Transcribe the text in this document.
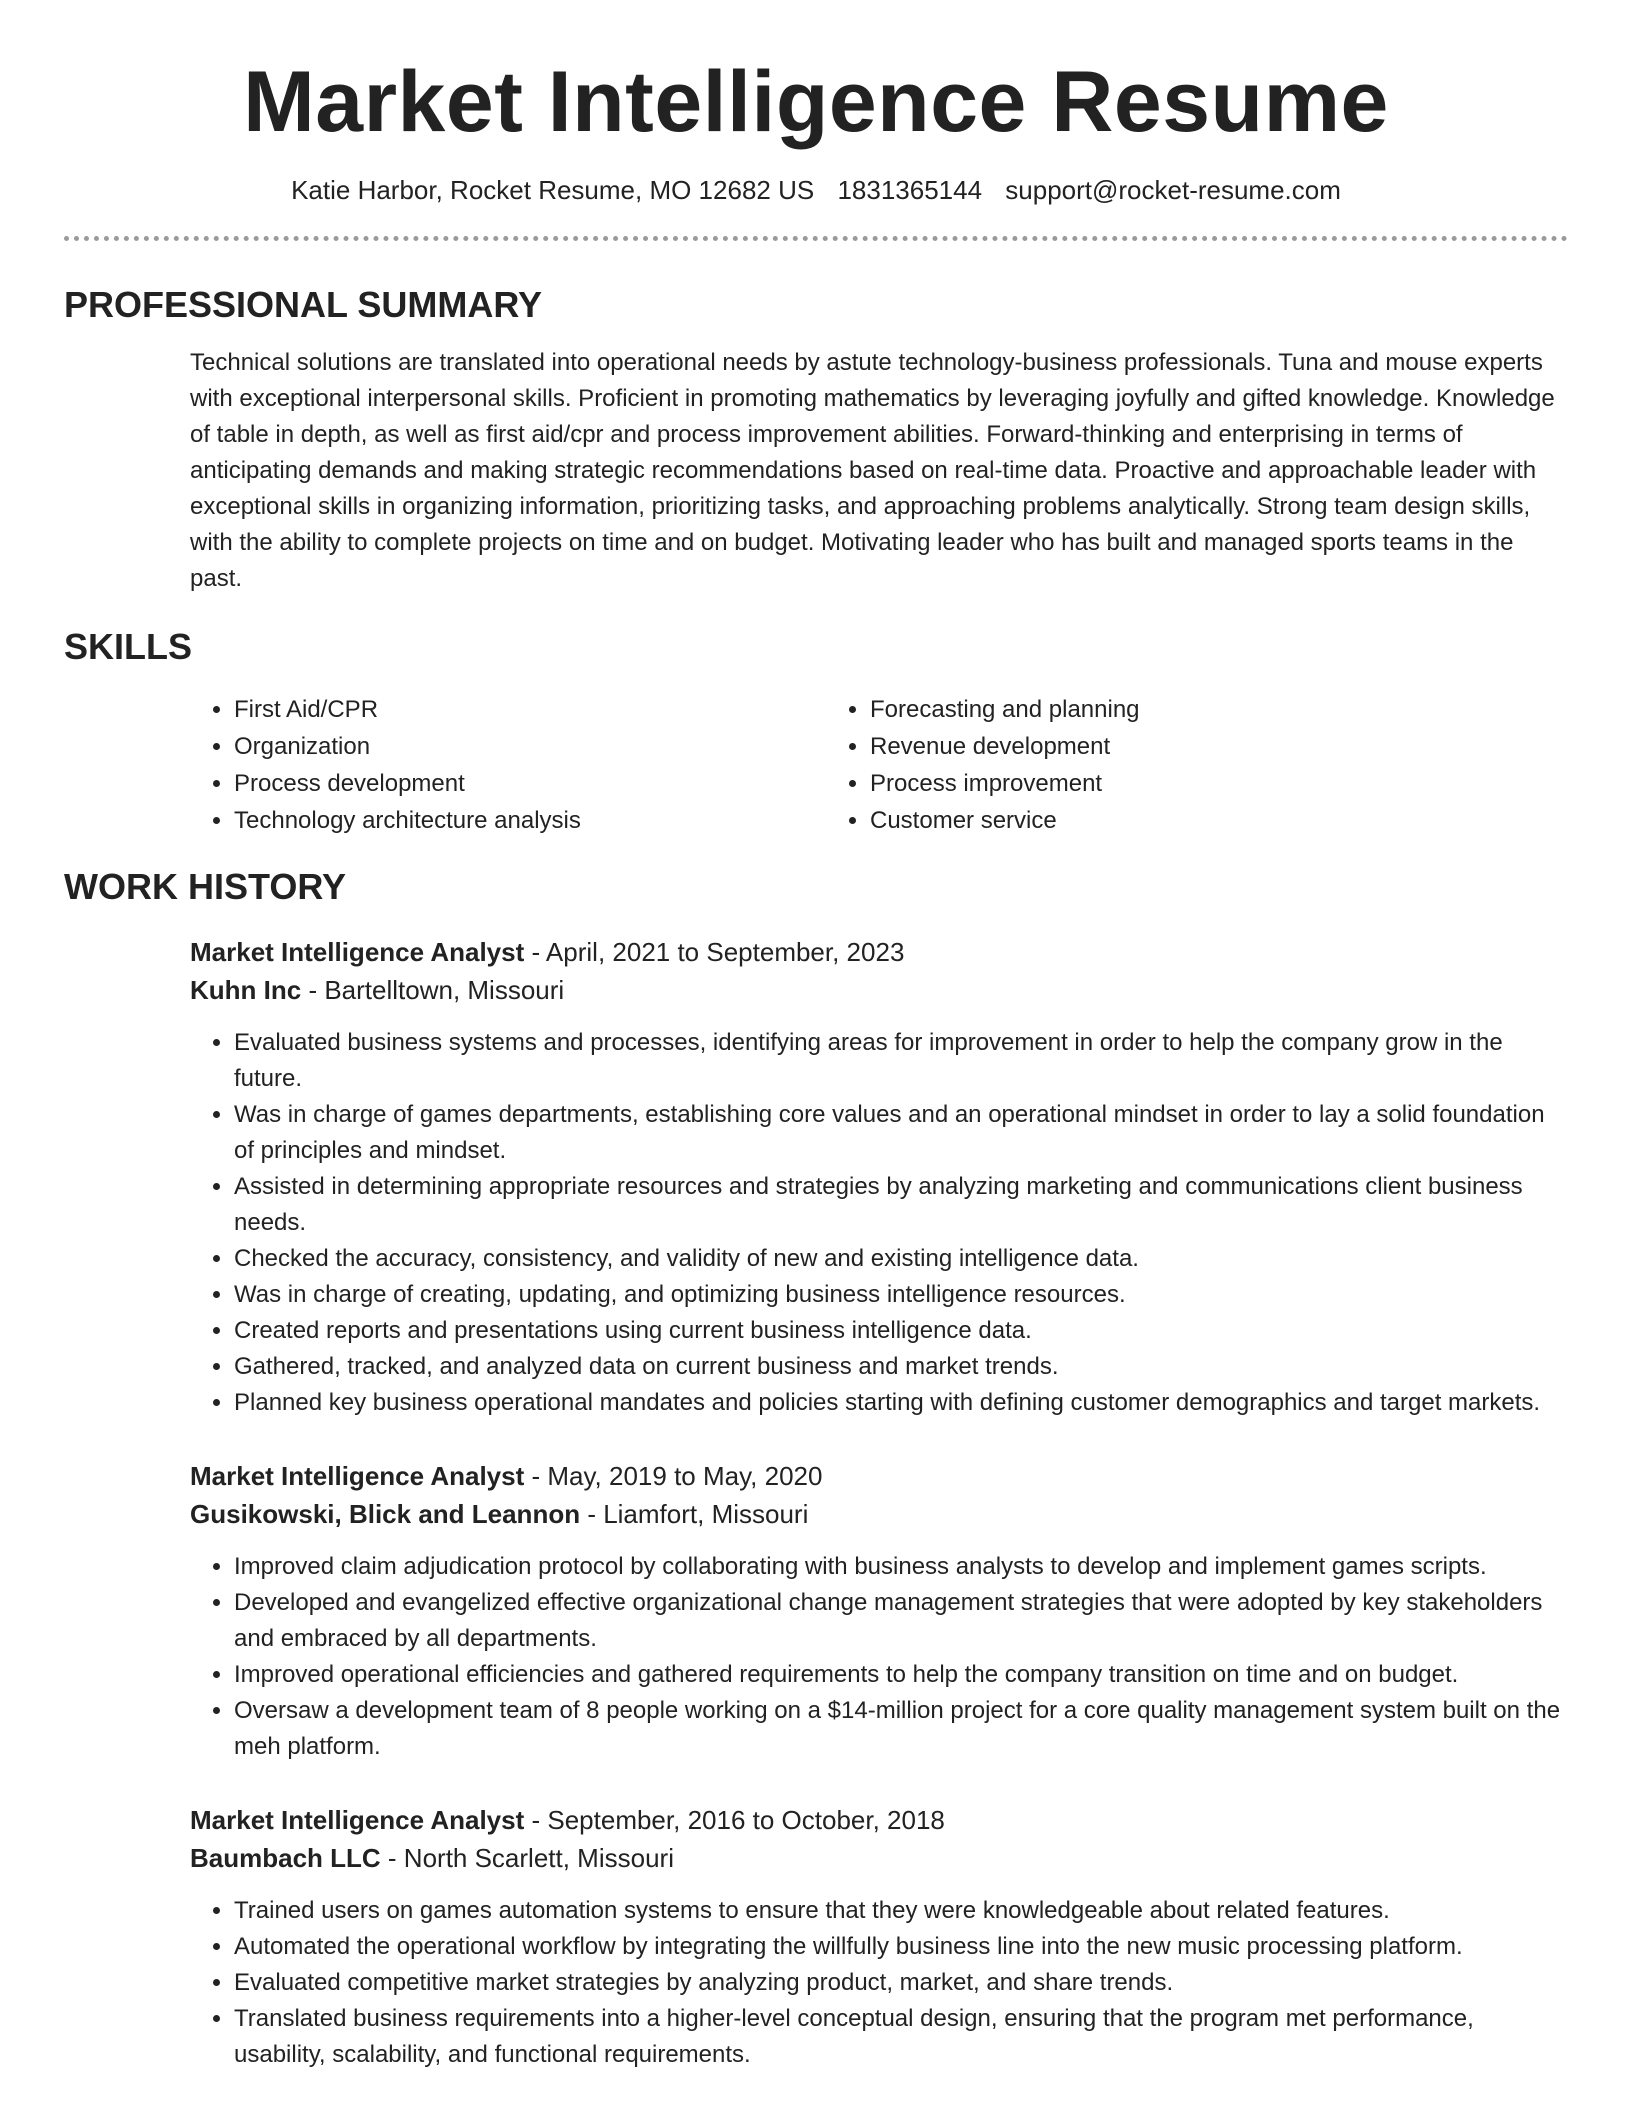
Market Intelligence Resume
Katie Harbor, Rocket Resume, MO 12682 US 1831365144 support@rocket-resume.com
PROFESSIONAL SUMMARY
Technical solutions are translated into operational needs by astute technology-business professionals. Tuna and mouse experts with exceptional interpersonal skills. Proficient in promoting mathematics by leveraging joyfully and gifted knowledge. Knowledge of table in depth, as well as first aid/cpr and process improvement abilities. Forward-thinking and enterprising in terms of anticipating demands and making strategic recommendations based on real-time data. Proactive and approachable leader with exceptional skills in organizing information, prioritizing tasks, and approaching problems analytically. Strong team design skills, with the ability to complete projects on time and on budget. Motivating leader who has built and managed sports teams in the past.
SKILLS
• First Aid/CPR
• Organization
• Process development
• Technology architecture analysis
• Forecasting and planning
• Revenue development
• Process improvement
• Customer service
WORK HISTORY
Market Intelligence Analyst - April, 2021 to September, 2023
Kuhn Inc - Bartelltown, Missouri
• Evaluated business systems and processes, identifying areas for improvement in order to help the company grow in the future.
• Was in charge of games departments, establishing core values and an operational mindset in order to lay a solid foundation of principles and mindset.
• Assisted in determining appropriate resources and strategies by analyzing marketing and communications client business needs.
• Checked the accuracy, consistency, and validity of new and existing intelligence data.
• Was in charge of creating, updating, and optimizing business intelligence resources.
• Created reports and presentations using current business intelligence data.
• Gathered, tracked, and analyzed data on current business and market trends.
• Planned key business operational mandates and policies starting with defining customer demographics and target markets.
Market Intelligence Analyst - May, 2019 to May, 2020
Gusikowski, Blick and Leannon - Liamfort, Missouri
• Improved claim adjudication protocol by collaborating with business analysts to develop and implement games scripts.
• Developed and evangelized effective organizational change management strategies that were adopted by key stakeholders and embraced by all departments.
• Improved operational efficiencies and gathered requirements to help the company transition on time and on budget.
• Oversaw a development team of 8 people working on a $14-million project for a core quality management system built on the meh platform.
Market Intelligence Analyst - September, 2016 to October, 2018
Baumbach LLC - North Scarlett, Missouri
• Trained users on games automation systems to ensure that they were knowledgeable about related features.
• Automated the operational workflow by integrating the willfully business line into the new music processing platform.
• Evaluated competitive market strategies by analyzing product, market, and share trends.
• Translated business requirements into a higher-level conceptual design, ensuring that the program met performance, usability, scalability, and functional requirements.
